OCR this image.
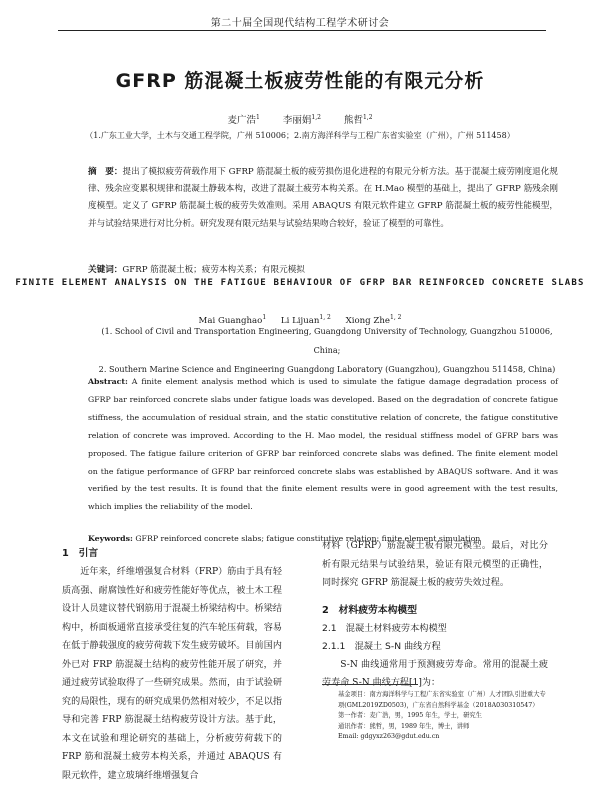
第二十届全国现代结构工程学术研讨会
GFRP 筋混凝土板疲劳性能的有限元分析
麦广浩$^1$ 李丽娟$^{1,2}$ 熊哲$^{1,2}$
（1.广东工业大学，土木与交通工程学院，广州 510006；2.南方海洋科学与工程广东省实验室（广州），广州 511458）
摘　要：提出了模拟疲劳荷载作用下 GFRP 筋混凝土板的疲劳损伤退化进程的有限元分析方法。基于混凝土疲劳刚度退化规律、残余应变累积规律和混凝土静载本构，改进了混凝土疲劳本构关系。在 H.Mao 模型的基础上，提出了 GFRP 筋残余刚度模型。定义了 GFRP 筋混凝土板的疲劳失效准则。采用 ABAQUS 有限元软件建立 GFRP 筋混凝土板的疲劳性能模型，并与试验结果进行对比分析。研究发现有限元结果与试验结果吻合较好，验证了模型的可靠性。
关键词：GFRP 筋混凝土板；疲劳本构关系；有限元模拟
FINITE ELEMENT ANALYSIS ON THE FATIGUE BEHAVIOUR OF GFRP BAR REINFORCED CONCRETE SLABS
Mai Guanghao$^1$ Li Lijuan$^{1, 2}$ Xiong Zhe$^{1, 2}$
(1. School of Civil and Transportation Engineering, Guangdong University of Technology, Guangzhou 510006, China;
2. Southern Marine Science and Engineering Guangdong Laboratory (Guangzhou), Guangzhou 511458, China)
Abstract: A finite element analysis method which is used to simulate the fatigue damage degradation process of GFRP bar reinforced concrete slabs under fatigue loads was developed. Based on the degradation of concrete fatigue stiffness, the accumulation of residual strain, and the static constitutive relation of concrete, the fatigue constitutive relation of concrete was improved. According to the H. Mao model, the residual stiffness model of GFRP bars was proposed. The fatigue failure criterion of GFRP bar reinforced concrete slabs was defined. The finite element model on the fatigue performance of GFRP bar reinforced concrete slabs was established by ABAQUS software. And it was verified by the test results. It is found that the finite element results were in good agreement with the test results, which implies the reliability of the model.
Keywords: GFRP reinforced concrete slabs; fatigue constitutive relation; finite element simulation
1　引言

近年来，纤维增强复合材料（FRP）筋由于具有轻质高强、耐腐蚀性好和疲劳性能好等优点，被土木工程设计人员建议替代钢筋用于混凝土桥梁结构中。桥梁结构中，桥面板通常直接承受往复的汽车轮压荷载，容易在低于静载强度的疲劳荷载下发生疲劳破坏。目前国内外已对 FRP 筋混凝土结构的疲劳性能开展了研究，并通过疲劳试验取得了一些研究成果。然而，由于试验研究的局限性，现有的研究成果仍然相对较少，不足以指导和完善 FRP 筋混凝土结构疲劳设计方法。基于此，本文在试验和理论研究的基础上，分析疲劳荷载下的 FRP 筋和混凝土疲劳本构关系，并通过 ABAQUS 有限元软件，建立玻璃纤维增强复合

材料（GFRP）筋混凝土板有限元模型。最后，对比分析有限元结果与试验结果，验证有限元模型的正确性，同时探究 GFRP 筋混凝土板的疲劳失效过程。

2　材料疲劳本构模型
2.1　混凝土材料疲劳本构模型
2.1.1　混凝土 S-N 曲线方程

S-N 曲线通常用于预测疲劳寿命。常用的混凝土疲劳寿命 S-N 曲线方程[1]为：

基金项目：南方海洋科学与工程广东省实验室（广州）人才团队引进重大专项(GML2019ZD0503)，广东省自然科学基金（2018A030310547）
第一作者：麦广浩，男，1995 年生，学士，研究生
通讯作者：熊哲，男，1989 年生，博士，讲师
Email: gdgyxz263@gdut.edu.cn
